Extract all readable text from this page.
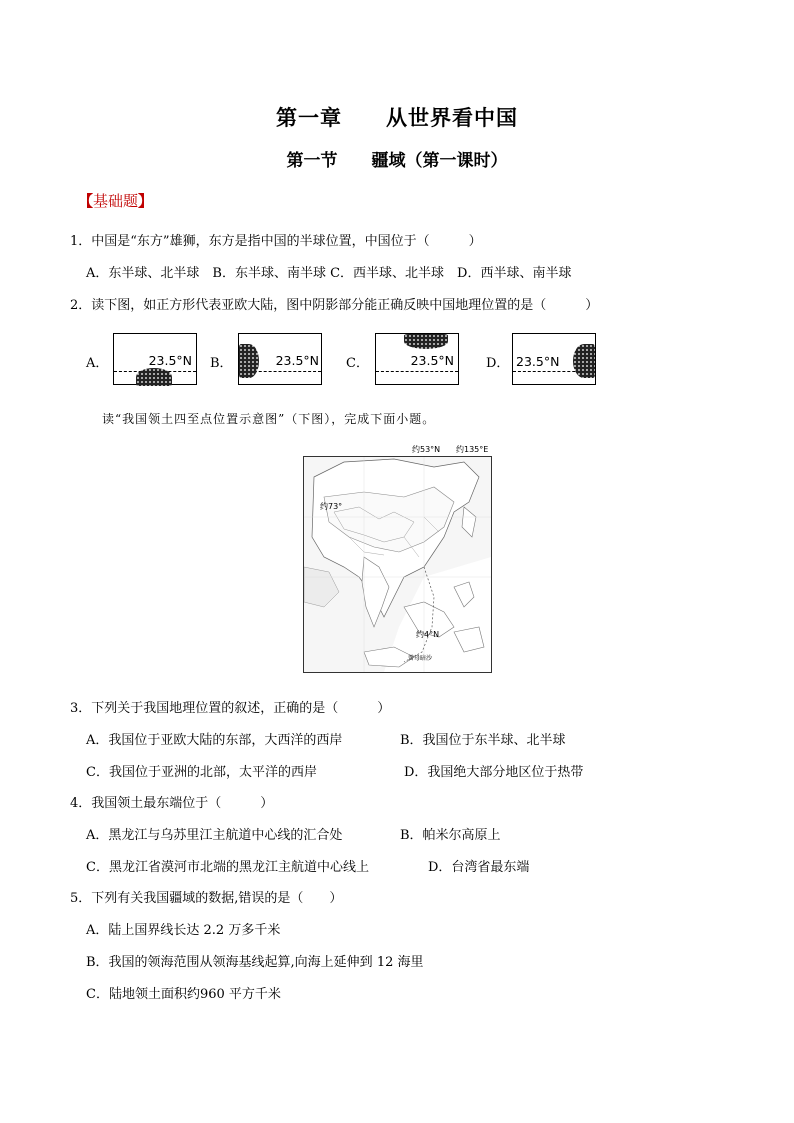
第一章　　从世界看中国
第一节　　疆域（第一课时）
【基础题】
1．中国是“东方”雄狮，东方是指中国的半球位置，中国位于（　　　）
A．东半球、北半球　B．东半球、南半球 C．西半球、北半球　D．西半球、南半球
2．读下图，如正方形代表亚欧大陆，图中阴影部分能正确反映中国地理位置的是（　　　）
A．	23.5°N B．	23.5°N C．	23.5°N D． 23.5°N
读“我国领土四至点位置示意图”（下图），完成下面小题。
约53°N 约135°E
约73°
约4°N
曾母暗沙
3．下列关于我国地理位置的叙述，正确的是（　　　）
A．我国位于亚欧大陆的东部，大西洋的西岸	B．我国位于东半球、北半球
C．我国位于亚洲的北部，太平洋的西岸	D．我国绝大部分地区位于热带
4．我国领土最东端位于（　　　）
A．黑龙江与乌苏里江主航道中心线的汇合处	B．帕米尔高原上
C．黑龙江省漠河市北端的黑龙江主航道中心线上	D．台湾省最东端
5．下列有关我国疆域的数据,错误的是（　　）
A．陆上国界线长达 2.2 万多千米
B．我国的领海范围从领海基线起算,向海上延伸到 12 海里
C．陆地领土面积约960 平方千米
